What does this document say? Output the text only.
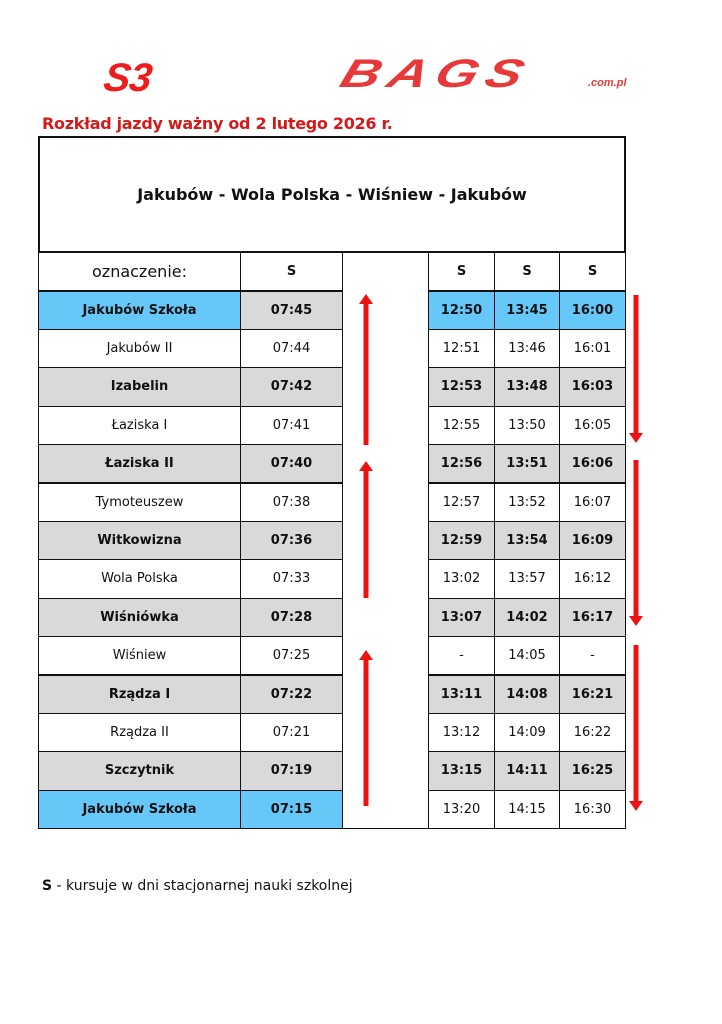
S3	BAGS	.com.pl
Rozkład jazdy ważny od 2 lutego 2026 r.
Jakubów - Wola Polska - Wiśniew - Jakubów
oznaczenie:	S	S	S	S
Jakubów Szkoła	07:45	12:50	13:45	16:00
Jakubów II	07:44	12:51	13:46	16:01
Izabelin	07:42	12:53	13:48	16:03
Łaziska I	07:41	12:55	13:50	16:05
Łaziska II	07:40	12:56	13:51	16:06
Tymoteuszew	07:38	12:57	13:52	16:07
Witkowizna	07:36	12:59	13:54	16:09
Wola Polska	07:33	13:02	13:57	16:12
Wiśniówka	07:28	13:07	14:02	16:17
Wiśniew	07:25	-	14:05	-
Rządza I	07:22	13:11	14:08	16:21
Rządza II	07:21	13:12	14:09	16:22
Szczytnik	07:19	13:15	14:11	16:25
Jakubów Szkoła	07:15	13:20	14:15	16:30
S - kursuje w dni stacjonarnej nauki szkolnej
